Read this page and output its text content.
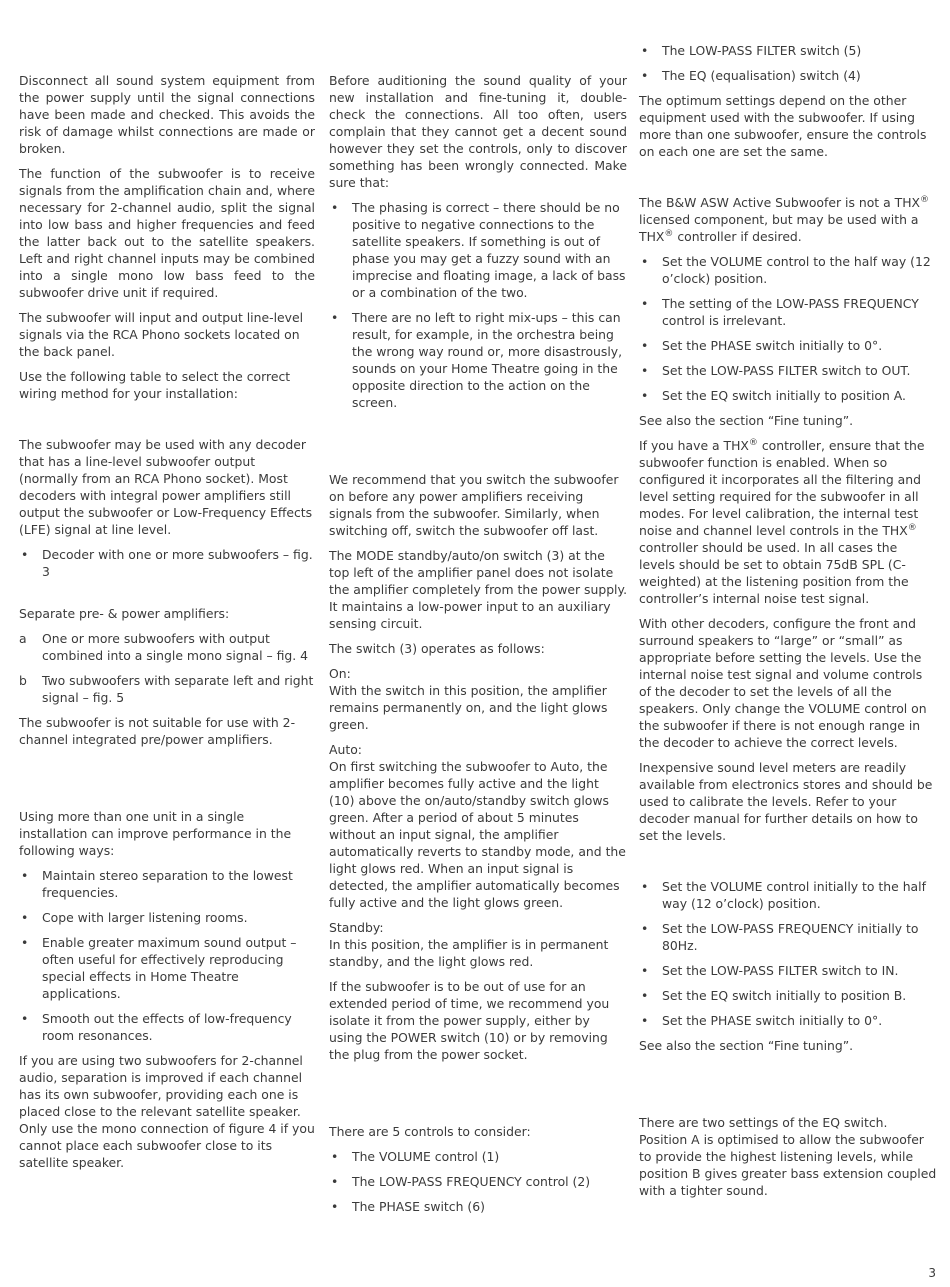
Disconnect all sound system equipment from the power supply until the signal connections have been made and checked. This avoids the risk of damage whilst connections are made or broken.

The function of the subwoofer is to receive signals from the amplification chain and, where necessary for 2-channel audio, split the signal into low bass and higher frequencies and feed the latter back out to the satellite speakers. Left and right channel inputs may be combined into a single mono low bass feed to the subwoofer drive unit if required.

The subwoofer will input and output line-level signals via the RCA Phono sockets located on the back panel.

Use the following table to select the correct wiring method for your installation:

The subwoofer may be used with any decoder that has a line-level subwoofer output (normally from an RCA Phono socket). Most decoders with integral power amplifiers still output the subwoofer or Low-Frequency Effects (LFE) signal at line level.

• Decoder with one or more subwoofers – fig. 3

Separate pre- & power amplifiers:

a One or more subwoofers with output combined into a single mono signal – fig. 4
b Two subwoofers with separate left and right signal – fig. 5

The subwoofer is not suitable for use with 2-channel integrated pre/power amplifiers.

Using more than one unit in a single installation can improve performance in the following ways:

• Maintain stereo separation to the lowest frequencies.
• Cope with larger listening rooms.
• Enable greater maximum sound output – often useful for effectively reproducing special effects in Home Theatre applications.
• Smooth out the effects of low-frequency room resonances.

If you are using two subwoofers for 2-channel audio, separation is improved if each channel has its own subwoofer, providing each one is placed close to the relevant satellite speaker. Only use the mono connection of figure 4 if you cannot place each subwoofer close to its satellite speaker.

Before auditioning the sound quality of your new installation and fine-tuning it, double-check the connections. All too often, users complain that they cannot get a decent sound however they set the controls, only to discover something has been wrongly connected. Make sure that:

• The phasing is correct – there should be no positive to negative connections to the satellite speakers. If something is out of phase you may get a fuzzy sound with an imprecise and floating image, a lack of bass or a combination of the two.
• There are no left to right mix-ups – this can result, for example, in the orchestra being the wrong way round or, more disastrously, sounds on your Home Theatre going in the opposite direction to the action on the screen.

We recommend that you switch the subwoofer on before any power amplifiers receiving signals from the subwoofer. Similarly, when switching off, switch the subwoofer off last.

The MODE standby/auto/on switch (3) at the top left of the amplifier panel does not isolate the amplifier completely from the power supply. It maintains a low-power input to an auxiliary sensing circuit.

The switch (3) operates as follows:

On:
With the switch in this position, the amplifier remains permanently on, and the light glows green.

Auto:
On first switching the subwoofer to Auto, the amplifier becomes fully active and the light (10) above the on/auto/standby switch glows green. After a period of about 5 minutes without an input signal, the amplifier automatically reverts to standby mode, and the light glows red. When an input signal is detected, the amplifier automatically becomes fully active and the light glows green.

Standby:
In this position, the amplifier is in permanent standby, and the light glows red.

If the subwoofer is to be out of use for an extended period of time, we recommend you isolate it from the power supply, either by using the POWER switch (10) or by removing the plug from the power socket.

There are 5 controls to consider:

• The VOLUME control (1)
• The LOW-PASS FREQUENCY control (2)
• The PHASE switch (6)
• The LOW-PASS FILTER switch (5)
• The EQ (equalisation) switch (4)

The optimum settings depend on the other equipment used with the subwoofer. If using more than one subwoofer, ensure the controls on each one are set the same.

The B&W ASW Active Subwoofer is not a THX® licensed component, but may be used with a THX® controller if desired.

• Set the VOLUME control to the half way (12 o’clock) position.
• The setting of the LOW-PASS FREQUENCY control is irrelevant.
• Set the PHASE switch initially to 0°.
• Set the LOW-PASS FILTER switch to OUT.
• Set the EQ switch initially to position A.

See also the section “Fine tuning”.

If you have a THX® controller, ensure that the subwoofer function is enabled. When so configured it incorporates all the filtering and level setting required for the subwoofer in all modes. For level calibration, the internal test noise and channel level controls in the THX® controller should be used. In all cases the levels should be set to obtain 75dB SPL (C-weighted) at the listening position from the controller’s internal noise test signal.

With other decoders, configure the front and surround speakers to “large” or “small” as appropriate before setting the levels. Use the internal noise test signal and volume controls of the decoder to set the levels of all the speakers. Only change the VOLUME control on the subwoofer if there is not enough range in the decoder to achieve the correct levels.

Inexpensive sound level meters are readily available from electronics stores and should be used to calibrate the levels. Refer to your decoder manual for further details on how to set the levels.

• Set the VOLUME control initially to the half way (12 o’clock) position.
• Set the LOW-PASS FREQUENCY initially to 80Hz.
• Set the LOW-PASS FILTER switch to IN.
• Set the EQ switch initially to position B.
• Set the PHASE switch initially to 0°.

See also the section “Fine tuning”.

There are two settings of the EQ switch. Position A is optimised to allow the subwoofer to provide the highest listening levels, while position B gives greater bass extension coupled with a tighter sound.

3
